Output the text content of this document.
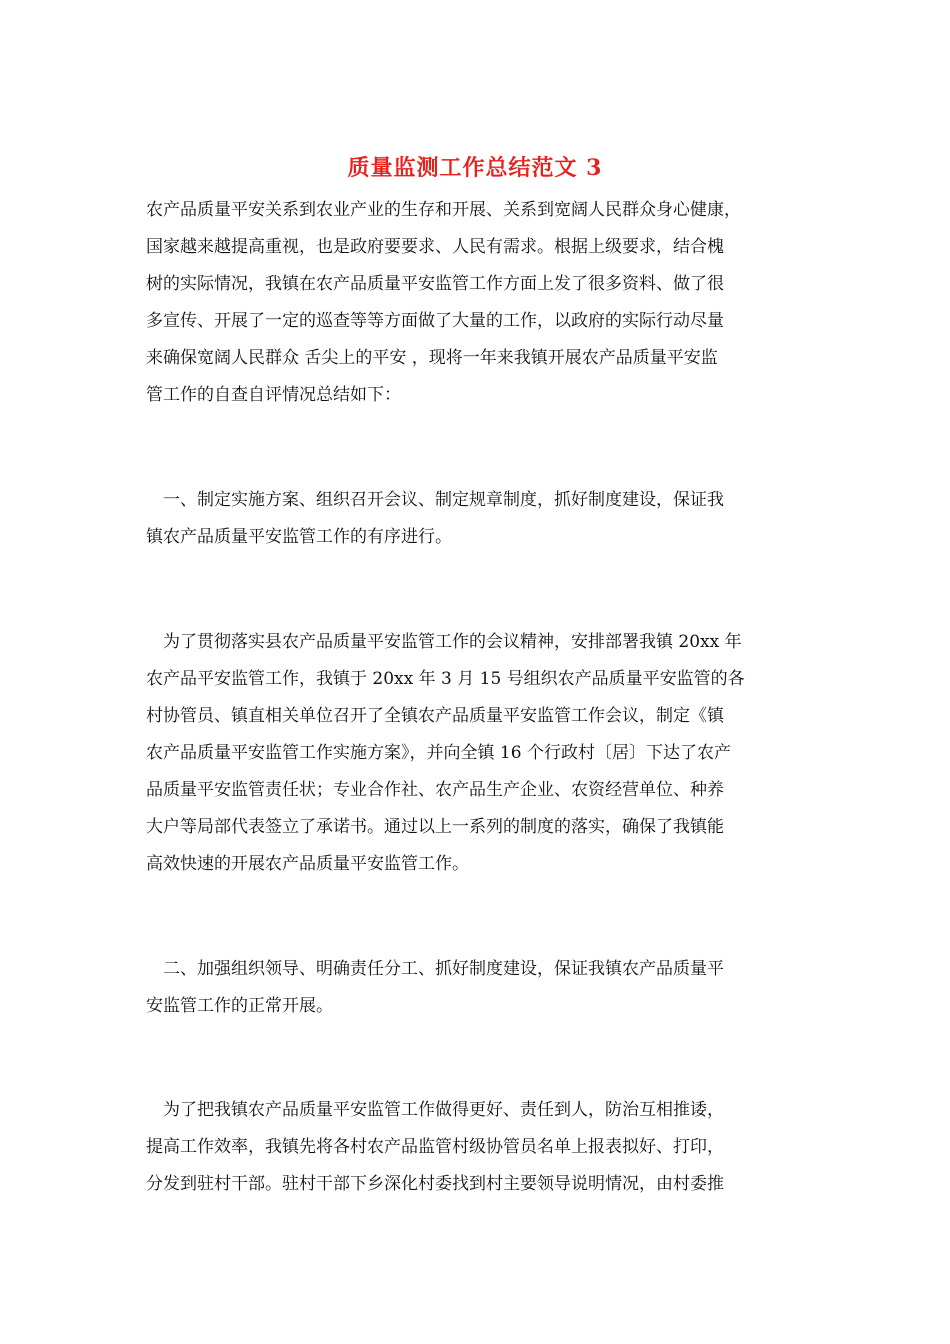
质量监测工作总结范文 3

农产品质量平安关系到农业产业的生存和开展、关系到宽阔人民群众身心健康，

国家越来越提高重视，也是政府要要求、人民有需求。根据上级要求，结合槐

树的实际情况，我镇在农产品质量平安监管工作方面上发了很多资料、做了很

多宣传、开展了一定的巡查等等方面做了大量的工作，以政府的实际行动尽量

来确保宽阔人民群众 舌尖上的平安 ，现将一年来我镇开展农产品质量平安监

管工作的自查自评情况总结如下：

　一、制定实施方案、组织召开会议、制定规章制度，抓好制度建设，保证我

镇农产品质量平安监管工作的有序进行。

　为了贯彻落实县农产品质量平安监管工作的会议精神，安排部署我镇 20xx 年

农产品平安监管工作，我镇于 20xx 年 3 月 15 号组织农产品质量平安监管的各

村协管员、镇直相关单位召开了全镇农产品质量平安监管工作会议，制定《镇

农产品质量平安监管工作实施方案》，并向全镇 16 个行政村〔居〕下达了农产

品质量平安监管责任状；专业合作社、农产品生产企业、农资经营单位、种养

大户等局部代表签立了承诺书。通过以上一系列的制度的落实，确保了我镇能

高效快速的开展农产品质量平安监管工作。

　二、加强组织领导、明确责任分工、抓好制度建设，保证我镇农产品质量平

安监管工作的正常开展。

　为了把我镇农产品质量平安监管工作做得更好、责任到人，防治互相推诿，

提高工作效率，我镇先将各村农产品监管村级协管员名单上报表拟好、打印，

分发到驻村干部。驻村干部下乡深化村委找到村主要领导说明情况，由村委推
